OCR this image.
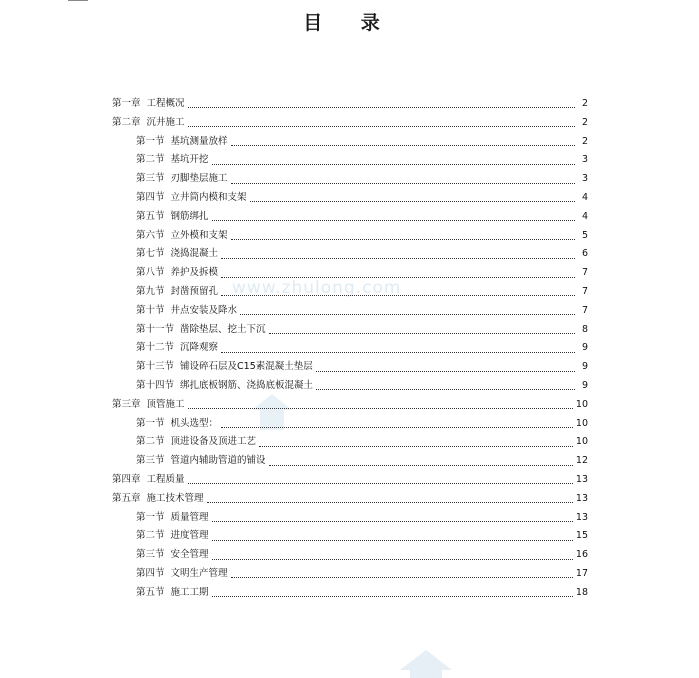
目 录
www.zhulong.com
第一章 工程概况	2
第二章 沉井施工	2
第一节 基坑测量放样	2
第二节 基坑开挖	3
第三节 刃脚垫层施工	3
第四节 立井筒内模和支架	4
第五节 钢筋绑扎	4
第六节 立外模和支架	5
第七节 浇捣混凝土	6
第八节 养护及拆模	7
第九节 封凿预留孔	7
第十节 井点安装及降水	7
第十一节 凿除垫层、挖土下沉	8
第十二节 沉降观察	9
第十三节 铺设碎石层及C15素混凝土垫层	9
第十四节 绑扎底板钢筋、浇捣底板混凝土	9
第三章 顶管施工	10
第一节 机头选型：	10
第二节 顶进设备及顶进工艺	10
第三节 管道内辅助管道的铺设	12
第四章 工程质量	13
第五章 施工技术管理	13
第一节 质量管理	13
第二节 进度管理	15
第三节 安全管理	16
第四节 文明生产管理	17
第五节 施工工期	18
